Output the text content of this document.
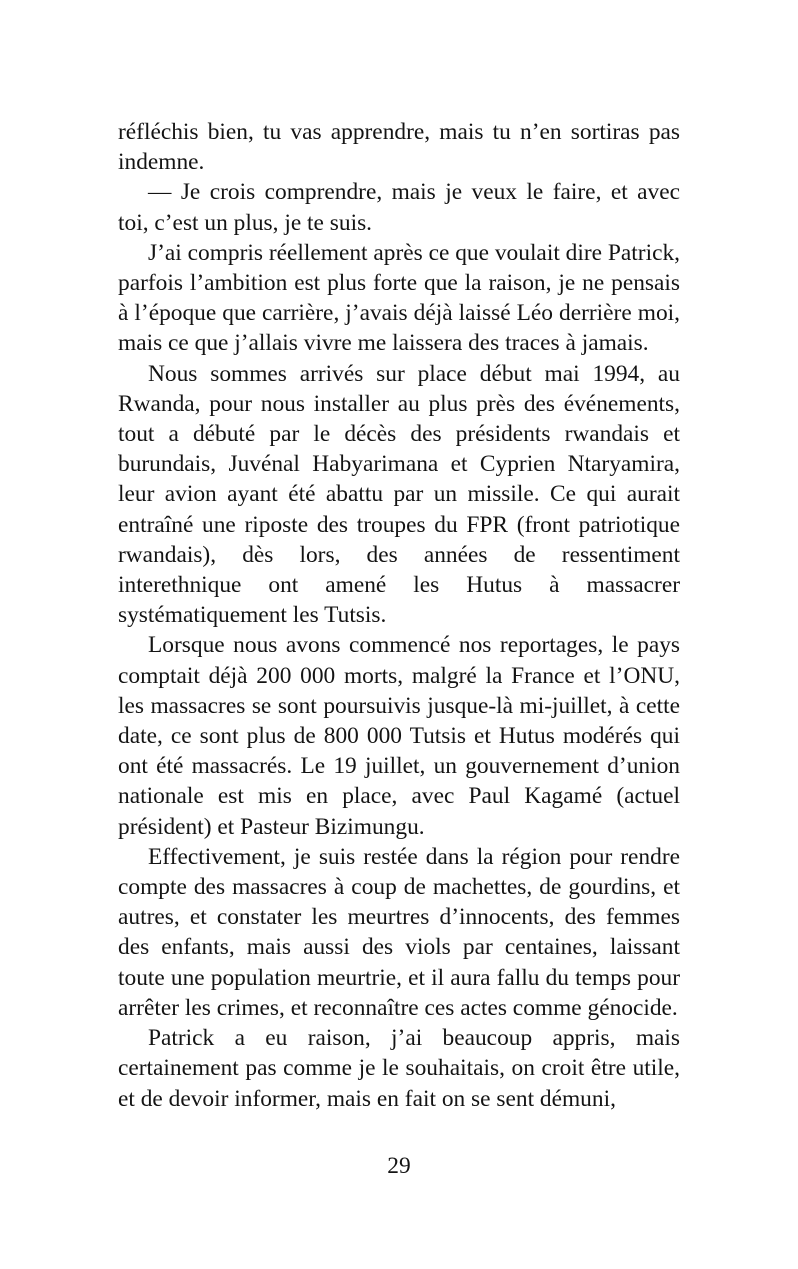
réfléchis bien, tu vas apprendre, mais tu n’en sortiras pas indemne.

— Je crois comprendre, mais je veux le faire, et avec toi, c’est un plus, je te suis.

J’ai compris réellement après ce que voulait dire Patrick, parfois l’ambition est plus forte que la raison, je ne pensais à l’époque que carrière, j’avais déjà laissé Léo derrière moi, mais ce que j’allais vivre me laissera des traces à jamais.

Nous sommes arrivés sur place début mai 1994, au Rwanda, pour nous installer au plus près des événements, tout a débuté par le décès des présidents rwandais et burundais, Juvénal Habyarimana et Cyprien Ntaryamira, leur avion ayant été abattu par un missile. Ce qui aurait entraîné une riposte des troupes du FPR (front patriotique rwandais), dès lors, des années de ressentiment interethnique ont amené les Hutus à massacrer systématiquement les Tutsis.

Lorsque nous avons commencé nos reportages, le pays comptait déjà 200 000 morts, malgré la France et l’ONU, les massacres se sont poursuivis jusque-là mi-juillet, à cette date, ce sont plus de 800 000 Tutsis et Hutus modérés qui ont été massacrés. Le 19 juillet, un gouvernement d’union nationale est mis en place, avec Paul Kagamé (actuel président) et Pasteur Bizimungu.

Effectivement, je suis restée dans la région pour rendre compte des massacres à coup de machettes, de gourdins, et autres, et constater les meurtres d’innocents, des femmes des enfants, mais aussi des viols par centaines, laissant toute une population meurtrie, et il aura fallu du temps pour arrêter les crimes, et reconnaître ces actes comme génocide.

Patrick a eu raison, j’ai beaucoup appris, mais certainement pas comme je le souhaitais, on croit être utile, et de devoir informer, mais en fait on se sent démuni,

29
